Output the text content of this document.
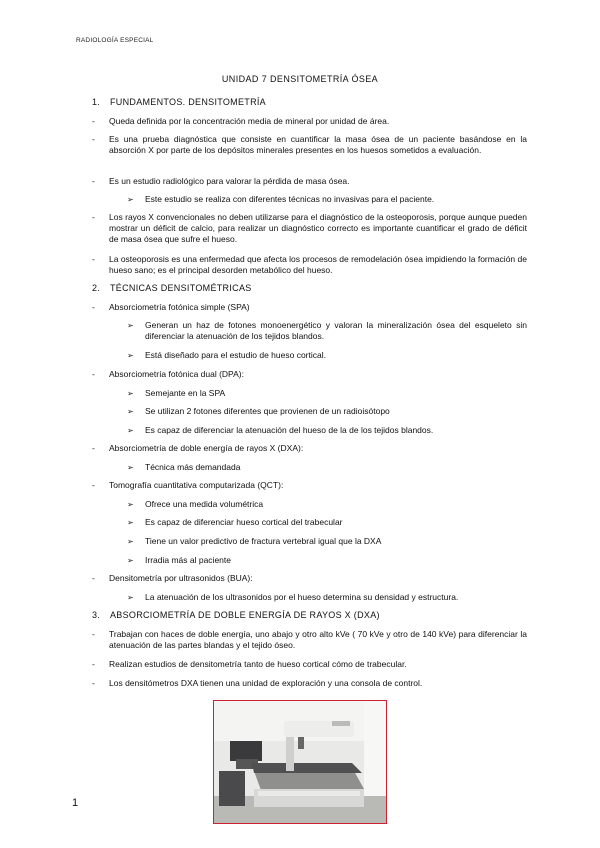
RADIOLOGÍA ESPECIAL
UNIDAD 7 DENSITOMETRÍA ÓSEA
1. FUNDAMENTOS. DENSITOMETRÍA
- Queda definida por la concentración media de mineral por unidad de área.
- Es una prueba diagnóstica que consiste en cuantificar la masa ósea de un paciente basándose en la absorción X por parte de los depósitos minerales presentes en los huesos sometidos a evaluación.
- Es un estudio radiológico para valorar la pérdida de masa ósea.
➢ Este estudio se realiza con diferentes técnicas no invasivas para el paciente.
- Los rayos X convencionales no deben utilizarse para el diagnóstico de la osteoporosis, porque aunque pueden mostrar un déficit de calcio, para realizar un diagnóstico correcto es importante cuantificar el grado de déficit de masa ósea que sufre el hueso.
- La osteoporosis es una enfermedad que afecta los procesos de remodelación ósea impidiendo la formación de hueso sano; es el principal desorden metabólico del hueso.
2. TÉCNICAS DENSITOMÉTRICAS
- Absorciometría fotónica simple (SPA)
➢ Generan un haz de fotones monoenergético y valoran la mineralización ósea del esqueleto sin diferenciar la atenuación de los tejidos blandos.
➢ Está diseñado para el estudio de hueso cortical.
- Absorciometría fotónica dual (DPA):
➢ Semejante en la SPA
➢ Se utilizan 2 fotones diferentes que provienen de un radioisótopo
➢ Es capaz de diferenciar la atenuación del hueso de la de los tejidos blandos.
- Absorciometría de doble energía de rayos X (DXA):
➢ Técnica más demandada
- Tomografía cuantitativa computarizada (QCT):
➢ Ofrece una medida volumétrica
➢ Es capaz de diferenciar hueso cortical del trabecular
➢ Tiene un valor predictivo de fractura vertebral igual que la DXA
➢ Irradia más al paciente
- Densitometría por ultrasonidos (BUA):
➢ La atenuación de los ultrasonidos por el hueso determina su densidad y estructura.
3. ABSORCIOMETRÍA DE DOBLE ENERGÍA DE RAYOS X (DXA)
- Trabajan con haces de doble energía, uno abajo y otro alto kVe ( 70 kVe y otro de 140 kVe) para diferenciar la atenuación de las partes blandas y el tejido óseo.
- Realizan estudios de densitometría tanto de hueso cortical cómo de trabecular.
- Los densitómetros DXA tienen una unidad de exploración y una consola de control.
1
